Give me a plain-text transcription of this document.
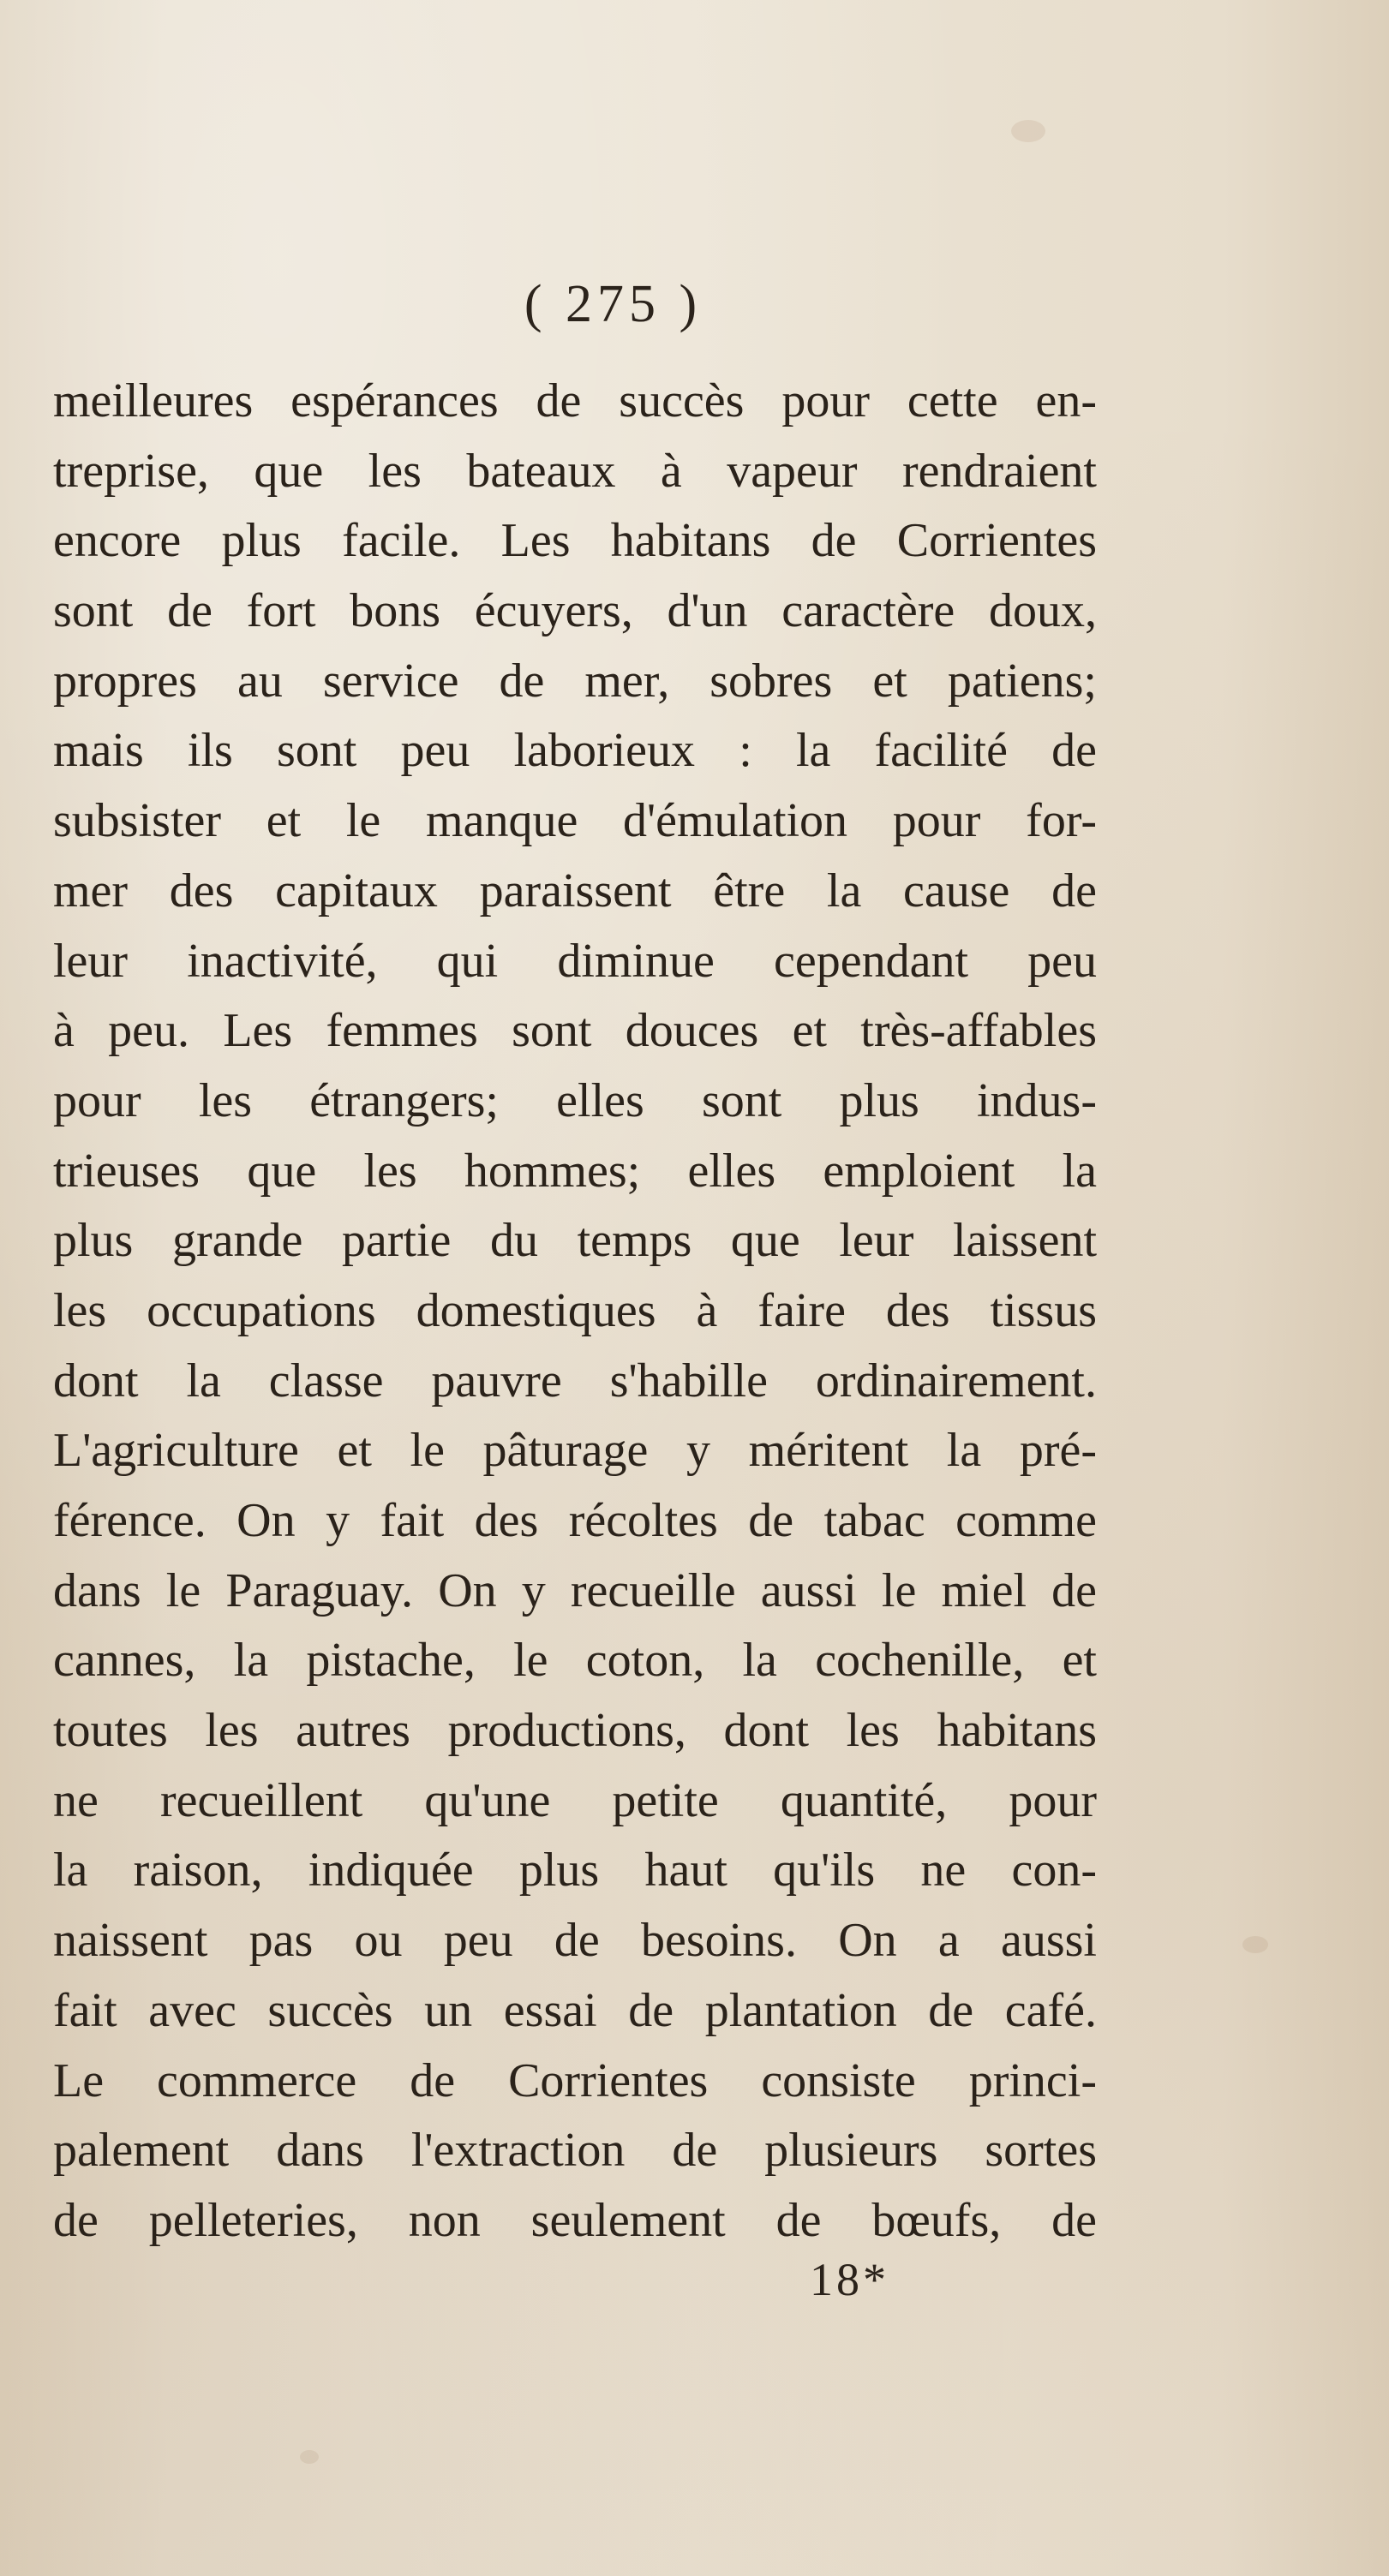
( 275 )
meilleures espérances de succès pour cette en-
treprise, que les bateaux à vapeur rendraient
encore plus facile. Les habitans de Corrientes
sont de fort bons écuyers, d'un caractère doux,
propres au service de mer, sobres et patiens;
mais ils sont peu laborieux : la facilité de
subsister et le manque d'émulation pour for-
mer des capitaux paraissent être la cause de
leur inactivité, qui diminue cependant peu
à peu. Les femmes sont douces et très-affables
pour les étrangers; elles sont plus indus-
trieuses que les hommes; elles emploient la
plus grande partie du temps que leur laissent
les occupations domestiques à faire des tissus
dont la classe pauvre s'habille ordinairement.
L'agriculture et le pâturage y méritent la pré-
férence. On y fait des récoltes de tabac comme
dans le Paraguay. On y recueille aussi le miel de
cannes, la pistache, le coton, la cochenille, et
toutes les autres productions, dont les habitans
ne recueillent qu'une petite quantité, pour
la raison, indiquée plus haut qu'ils ne con-
naissent pas ou peu de besoins. On a aussi
fait avec succès un essai de plantation de café.
Le commerce de Corrientes consiste princi-
palement dans l'extraction de plusieurs sortes
de pelleteries, non seulement de bœufs, de
18*
